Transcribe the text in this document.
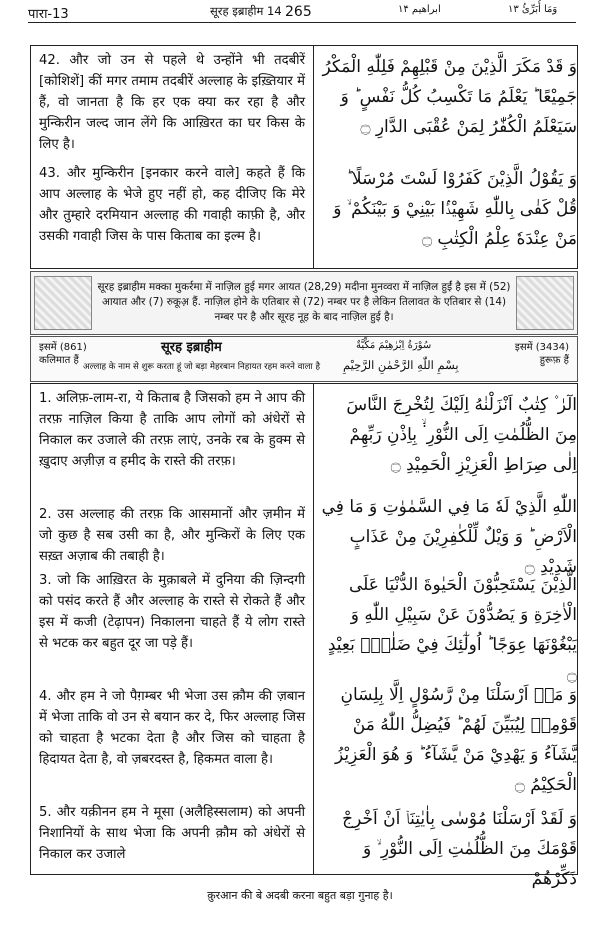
पारा-13	सूरह इब्राहीम 14 265	ابراهيم ۱۴	وَمَا أُبَرِّئُ ۱۳

42. और जो उन से पहले थे उन्होंने भी तदबीरें [कोशिशें] कीं मगर तमाम तदबीरें अल्लाह के इख़्तियार में हैं, वो जानता है कि हर एक क्या कर रहा है और मुन्किरीन जल्द जान लेंगे कि आख़िरत का घर किस के लिए है।

43. और मुन्किरीन [इनकार करने वाले] कहते हैं कि आप अल्लाह के भेजे हुए नहीं हो, कह दीजिए कि मेरे और तुम्हारे दरमियान अल्लाह की गवाही काफ़ी है, और उसकी गवाही जिस के पास किताब का इल्म है।

وَ قَدْ مَكَرَ الَّذِيْنَ مِنْ قَبْلِهِمْ فَلِلّٰهِ الْمَكْرُ جَمِيْعًا ؕ يَعْلَمُ مَا تَكْسِبُ كُلُّ نَفْسٍ ؕ وَ سَيَعْلَمُ الْكُفّٰرُ لِمَنْ عُقْبَى الدَّارِ ۝

وَ يَقُوْلُ الَّذِيْنَ كَفَرُوْا لَسْتَ مُرْسَلًا ؕ قُلْ كَفٰى بِاللّٰهِ شَهِيْدًۢا بَيْنِيْ وَ بَيْنَكُمْ ۙ وَ مَنْ عِنْدَهٗ عِلْمُ الْكِتٰبِ ۝

सूरह इब्राहीम मक्का मुकर्रमा में नाज़िल हुई मगर आयत (28,29) मदीना मुनव्वरा में नाज़िल हुईं है इस में (52) आयात और (7) रुकूअ़ हैं. नाज़िल होने के एतिबार से (72) नम्बर पर है लेकिन तिलावत के एतिबार से (14) नम्बर पर है और सूरह नूह के बाद नाज़िल हुई है।

इसमें (861)
कलिमात हैं
सूरह इब्राहीम
अल्लाह के नाम से शुरू करता हूं जो बड़ा मेहरबान निहायत रहम करने वाला है
سُوْرَةُ اِبْرٰهِيْمَ مَكِّيَّةٌ
بِسْمِ اللّٰهِ الرَّحْمٰنِ الرَّحِيْمِ
इसमें (3434)
हुरूफ़ हैं

1. अलिफ़-लाम-रा, ये किताब है जिसको हम ने आप की तरफ़ नाज़िल किया है ताकि आप लोगों को अंधेरों से निकाल कर उजाले की तरफ़ लाएं, उनके रब के हुक्म से ख़ुदाए अज़ीज़ व हमीद के रास्ते की तरफ़।

2. उस अल्लाह की तरफ़ कि आसमानों और ज़मीन में जो कुछ है सब उसी का है, और मुन्किरों के लिए एक सख़्त अज़ाब की तबाही है।

3. जो कि आख़िरत के मुक़ाबले में दुनिया की ज़िन्दगी को पसंद करते हैं और अल्लाह के रास्ते से रोकते हैं और इस में कजी (टेढ़ापन) निकालना चाहते हैं ये लोग रास्ते से भटक कर बहुत दूर जा पड़े हैं।

4. और हम ने जो पैग़म्बर भी भेजा उस क़ौम की ज़बान में भेजा ताकि वो उन से बयान कर दे, फिर अल्लाह जिस को चाहता है भटका देता है और जिस को चाहता है हिदायत देता है, वो ज़बरदस्त है, हिकमत वाला है।

5. और यक़ीनन हम ने मूसा (अलैहिस्सलाम) को अपनी निशानियों के साथ भेजा कि अपनी क़ौम को अंधेरों से निकाल कर उजाले

الٓرٰ ۫ كِتٰبٌ اَنْزَلْنٰهُ اِلَيْكَ لِتُخْرِجَ النَّاسَ مِنَ الظُّلُمٰتِ اِلَى النُّوْرِ ۬ۙ بِاِذْنِ رَبِّهِمْ اِلٰى صِرَاطِ الْعَزِيْزِ الْحَمِيْدِ ۝

اللّٰهِ الَّذِيْ لَهٗ مَا فِي السَّمٰوٰتِ وَ مَا فِي الْاَرْضِ ؕ وَ وَيْلٌ لِّلْكٰفِرِيْنَ مِنْ عَذَابٍ شَدِيْدِ ۝

الَّذِيْنَ يَسْتَحِبُّوْنَ الْحَيٰوةَ الدُّنْيَا عَلَى الْاٰخِرَةِ وَ يَصُدُّوْنَ عَنْ سَبِيْلِ اللّٰهِ وَ يَبْغُوْنَهَا عِوَجًا ؕ اُولٰٓئِكَ فِيْ ضَلٰلٍۭ بَعِيْدٍ ۝

وَ مَاۤ اَرْسَلْنَا مِنْ رَّسُوْلٍ اِلَّا بِلِسَانِ قَوْمِهٖ لِيُبَيِّنَ لَهُمْ ؕ فَيُضِلُّ اللّٰهُ مَنْ يَّشَآءُ وَ يَهْدِيْ مَنْ يَّشَآءُ ؕ وَ هُوَ الْعَزِيْزُ الْحَكِيْمُ ۝

وَ لَقَدْ اَرْسَلْنَا مُوْسٰى بِاٰيٰتِنَاۤ اَنْ اَخْرِجْ قَوْمَكَ مِنَ الظُّلُمٰتِ اِلَى النُّوْرِ ۙ وَ ذَكِّرْهُمْ

क़ुरआन की बे अदबी करना बहुत बड़ा गुनाह है।
